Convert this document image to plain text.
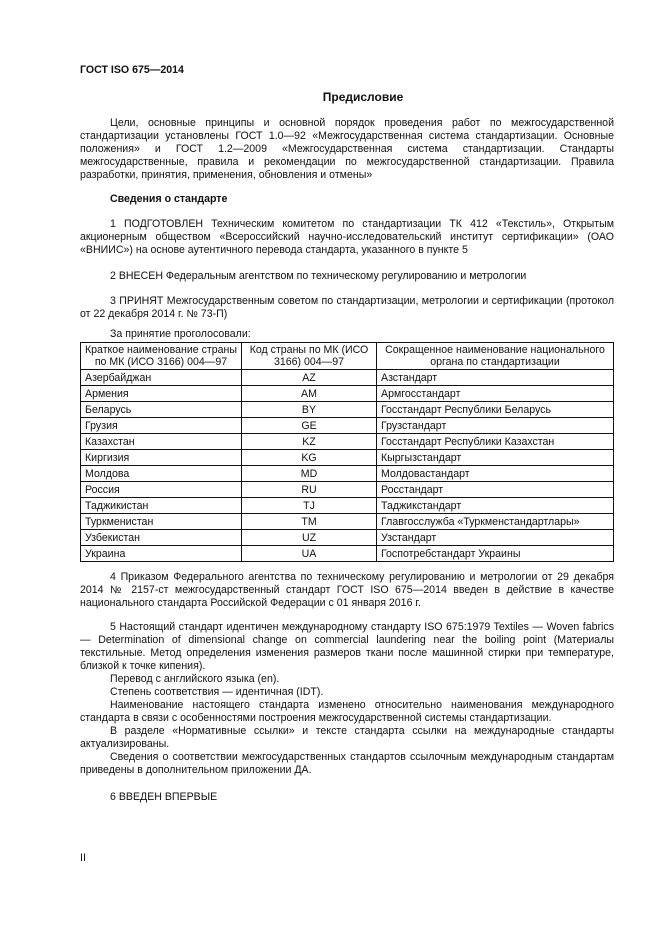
ГОСТ ISO 675—2014
Предисловие

Цели, основные принципы и основной порядок проведения работ по межгосударственной стандартизации установлены ГОСТ 1.0—92 «Межгосударственная система стандартизации. Основные положения» и ГОСТ 1.2—2009 «Межгосударственная система стандартизации. Стандарты межгосударственные, правила и рекомендации по межгосударственной стандартизации. Правила разработки, принятия, применения, обновления и отмены»

Сведения о стандарте

1 ПОДГОТОВЛЕН Техническим комитетом по стандартизации ТК 412 «Текстиль», Открытым акционерным обществом «Всероссийский научно-исследовательский институт сертификации» (ОАО «ВНИИС») на основе аутентичного перевода стандарта, указанного в пункте 5

2 ВНЕСЕН Федеральным агентством по техническому регулированию и метрологии

3 ПРИНЯТ Межгосударственным советом по стандартизации, метрологии и сертификации (протокол от 22 декабря 2014 г. № 73-П)

За принятие проголосовали:

Краткое наименование страны по МК (ИСО 3166) 004—97	Код страны по МК (ИСО 3166) 004—97	Сокращенное наименование национального органа по стандартизации
Азербайджан	AZ	Азстандарт
Армения	AM	Армгосстандарт
Беларусь	BY	Госстандарт Республики Беларусь
Грузия	GE	Грузстандарт
Казахстан	KZ	Госстандарт Республики Казахстан
Киргизия	KG	Кыргызстандарт
Молдова	MD	Молдовастандарт
Россия	RU	Росстандарт
Таджикистан	TJ	Таджикстандарт
Туркменистан	TM	Главгосслужба «Туркменстандартлары»
Узбекистан	UZ	Узстандарт
Украина	UA	Госпотребстандарт Украины

4 Приказом Федерального агентства по техническому регулированию и метрологии от 29 декабря 2014 № 2157-ст межгосударственный стандарт ГОСТ ISO 675—2014 введен в действие в качестве национального стандарта Российской Федерации с 01 января 2016 г.

5 Настоящий стандарт идентичен международному стандарту ISO 675:1979 Textiles — Woven fabrics— Determination of dimensional change on commercial laundering near the boiling point (Материалы текстильные. Метод определения изменения размеров ткани после машинной стирки при температуре, близкой к точке кипения).

Перевод с английского языка (en).

Степень соответствия — идентичная (IDT).

Наименование настоящего стандарта изменено относительно наименования международного стандарта в связи с особенностями построения межгосударственной системы стандартизации.

В разделе «Нормативные ссылки» и тексте стандарта ссылки на международные стандарты актуализированы.

Сведения о соответствии межгосударственных стандартов ссылочным международным стандартам приведены в дополнительном приложении ДА.

6 ВВЕДЕН ВПЕРВЫЕ

II
